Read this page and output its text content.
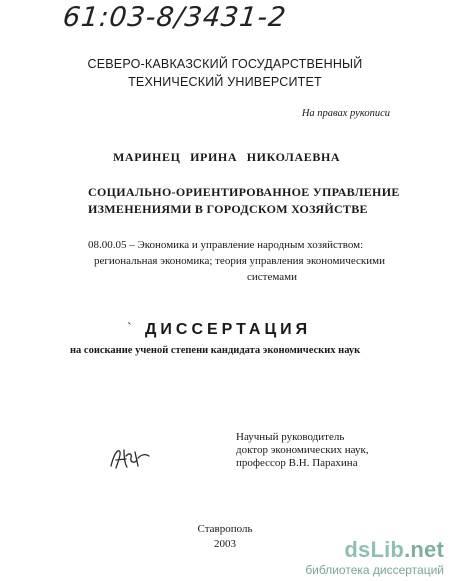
61:03-8/3431-2
СЕВЕРО-КАВКАЗСКИЙ ГОСУДАРСТВЕННЫЙ
ТЕХНИЧЕСКИЙ УНИВЕРСИТЕТ
На правах рукописи
МАРИНЕЦ ИРИНА НИКОЛАЕВНА
СОЦИАЛЬНО-ОРИЕНТИРОВАННОЕ УПРАВЛЕНИЕ
ИЗМЕНЕНИЯМИ В ГОРОДСКОМ ХОЗЯЙСТВЕ
08.00.05 – Экономика и управление народным хозяйством:
региональная экономика; теория управления экономическими
системами
` ДИССЕРТАЦИЯ
на соискание ученой степени кандидата экономических наук
Научный руководитель
доктор экономических наук,
профессор В.Н. Парахина
Ставрополь
2003	dsLib.net
библиотека диссертаций
